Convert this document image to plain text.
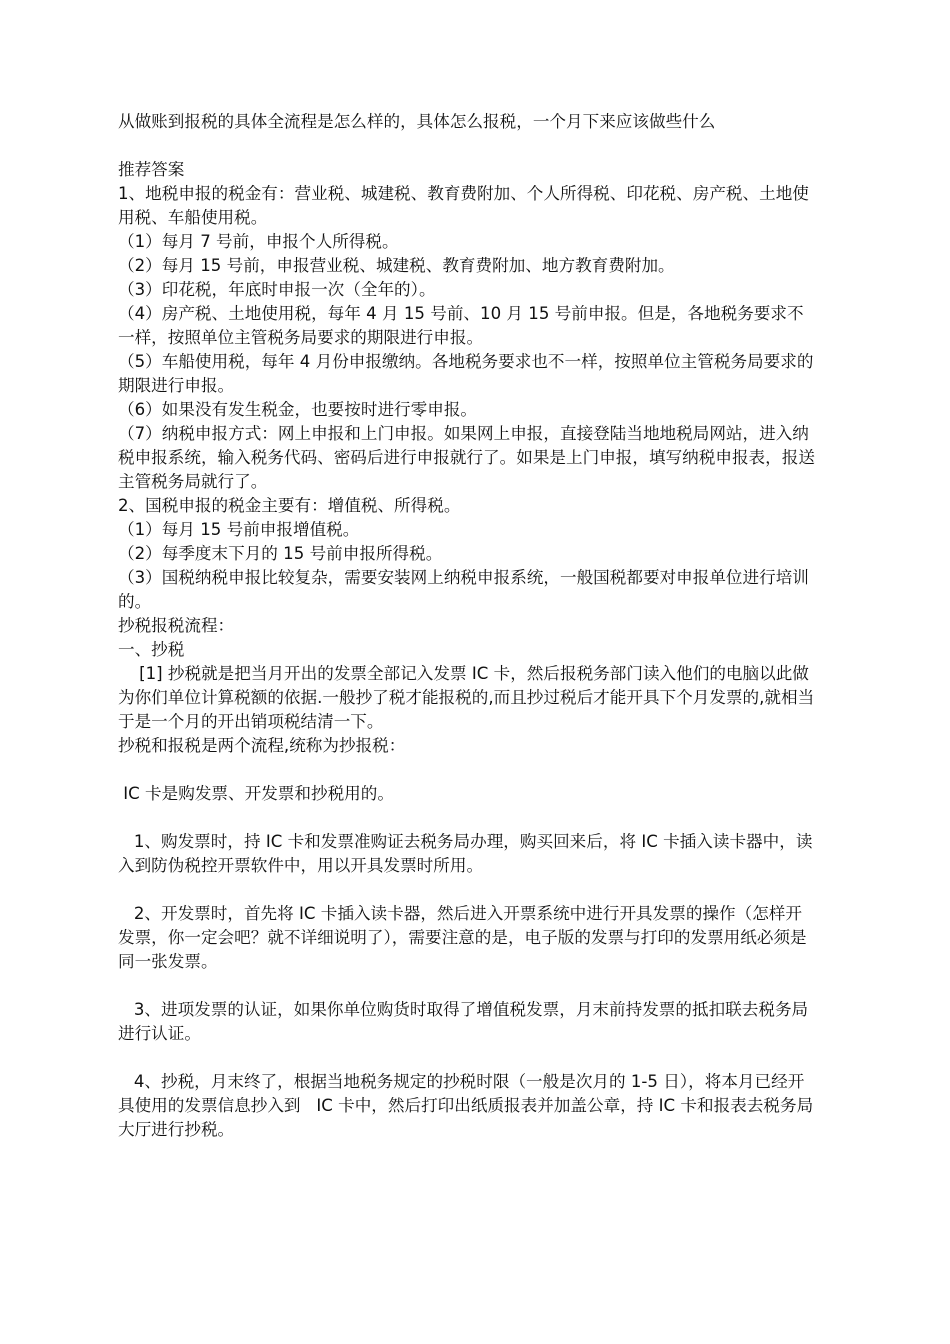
从做账到报税的具体全流程是怎么样的，具体怎么报税，一个月下来应该做些什么

推荐答案

1、地税申报的税金有：营业税、城建税、教育费附加、个人所得税、印花税、房产税、土地使用税、车船使用税。

（1）每月 7 号前，申报个人所得税。

（2）每月 15 号前，申报营业税、城建税、教育费附加、地方教育费附加。

（3）印花税，年底时申报一次（全年的）。

（4）房产税、土地使用税，每年 4 月 15 号前、10 月 15 号前申报。但是，各地税务要求不一样，按照单位主管税务局要求的期限进行申报。

（5）车船使用税，每年 4 月份申报缴纳。各地税务要求也不一样，按照单位主管税务局要求的期限进行申报。

（6）如果没有发生税金，也要按时进行零申报。

（7）纳税申报方式：网上申报和上门申报。如果网上申报，直接登陆当地地税局网站，进入纳税申报系统，输入税务代码、密码后进行申报就行了。如果是上门申报，填写纳税申报表，报送主管税务局就行了。

2、国税申报的税金主要有：增值税、所得税。

（1）每月 15 号前申报增值税。

（2）每季度末下月的 15 号前申报所得税。

（3）国税纳税申报比较复杂，需要安装网上纳税申报系统，一般国税都要对申报单位进行培训的。

抄税报税流程：

一、抄税

[1] 抄税就是把当月开出的发票全部记入发票 IC 卡，然后报税务部门读入他们的电脑以此做为你们单位计算税额的依据.一般抄了税才能报税的,而且抄过税后才能开具下个月发票的,就相当于是一个月的开出销项税结清一下。

抄税和报税是两个流程,统称为抄报税：

IC 卡是购发票、开发票和抄税用的。

1、购发票时，持 IC 卡和发票准购证去税务局办理，购买回来后，将 IC 卡插入读卡器中，读入到防伪税控开票软件中，用以开具发票时所用。

2、开发票时，首先将 IC 卡插入读卡器，然后进入开票系统中进行开具发票的操作（怎样开发票，你一定会吧？就不详细说明了），需要注意的是，电子版的发票与打印的发票用纸必须是同一张发票。

3、进项发票的认证，如果你单位购货时取得了增值税发票，月末前持发票的抵扣联去税务局进行认证。

4、抄税，月末终了，根据当地税务规定的抄税时限（一般是次月的 1-5 日），将本月已经开具使用的发票信息抄入到   IC 卡中，然后打印出纸质报表并加盖公章，持 IC 卡和报表去税务局大厅进行抄税。
